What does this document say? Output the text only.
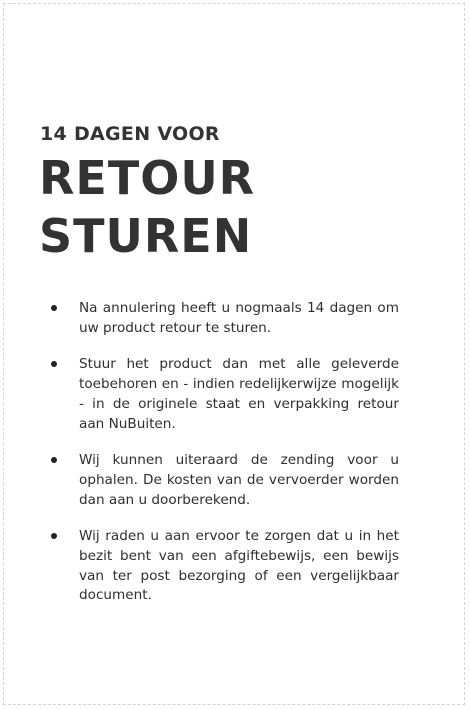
14 DAGEN VOOR
RETOUR
STUREN
Na annulering heeft u nogmaals 14 dagen om uw product retour te sturen.
Stuur het product dan met alle geleverde toebehoren en - indien redelijkerwijze mogelijk - in de originele staat en verpakking retour aan NuBuiten.
Wij kunnen uiteraard de zending voor u ophalen. De kosten van de vervoerder worden dan aan u doorberekend.
Wij raden u aan ervoor te zorgen dat u in het bezit bent van een afgiftebewijs, een bewijs van ter post bezorging of een vergelijkbaar document.
